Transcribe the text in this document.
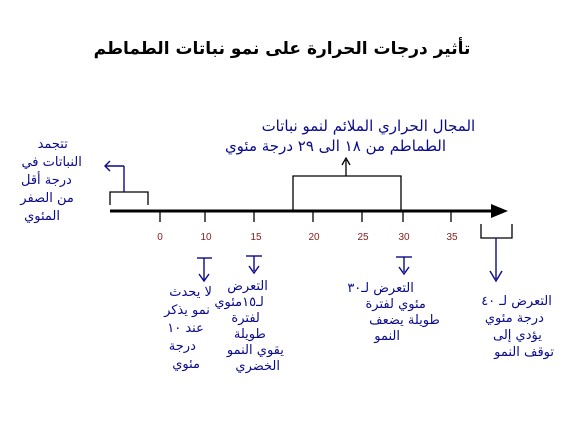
تأثير درجات الحرارة على نمو نباتات الطماطم
0	10	15	20	25	30	35
تتجمد النباتات في درجة أقل من الصفر المئوي
المجال الحراري الملائم لنمو نباتات الطماطم من ١٨ الى ٢٩ درجة مئوي
لا يحدث نمو يذكر عند ١٠ درجة مئوي
التعرض لـ١٥مئوي لفترة طويلة يقوي النمو الخضري
التعرض لـ٣٠ مئوي لفترة طويلة يضعف النمو
التعرض لـ ٤٠ درجة مئوي يؤدي إلى توقف النمو
